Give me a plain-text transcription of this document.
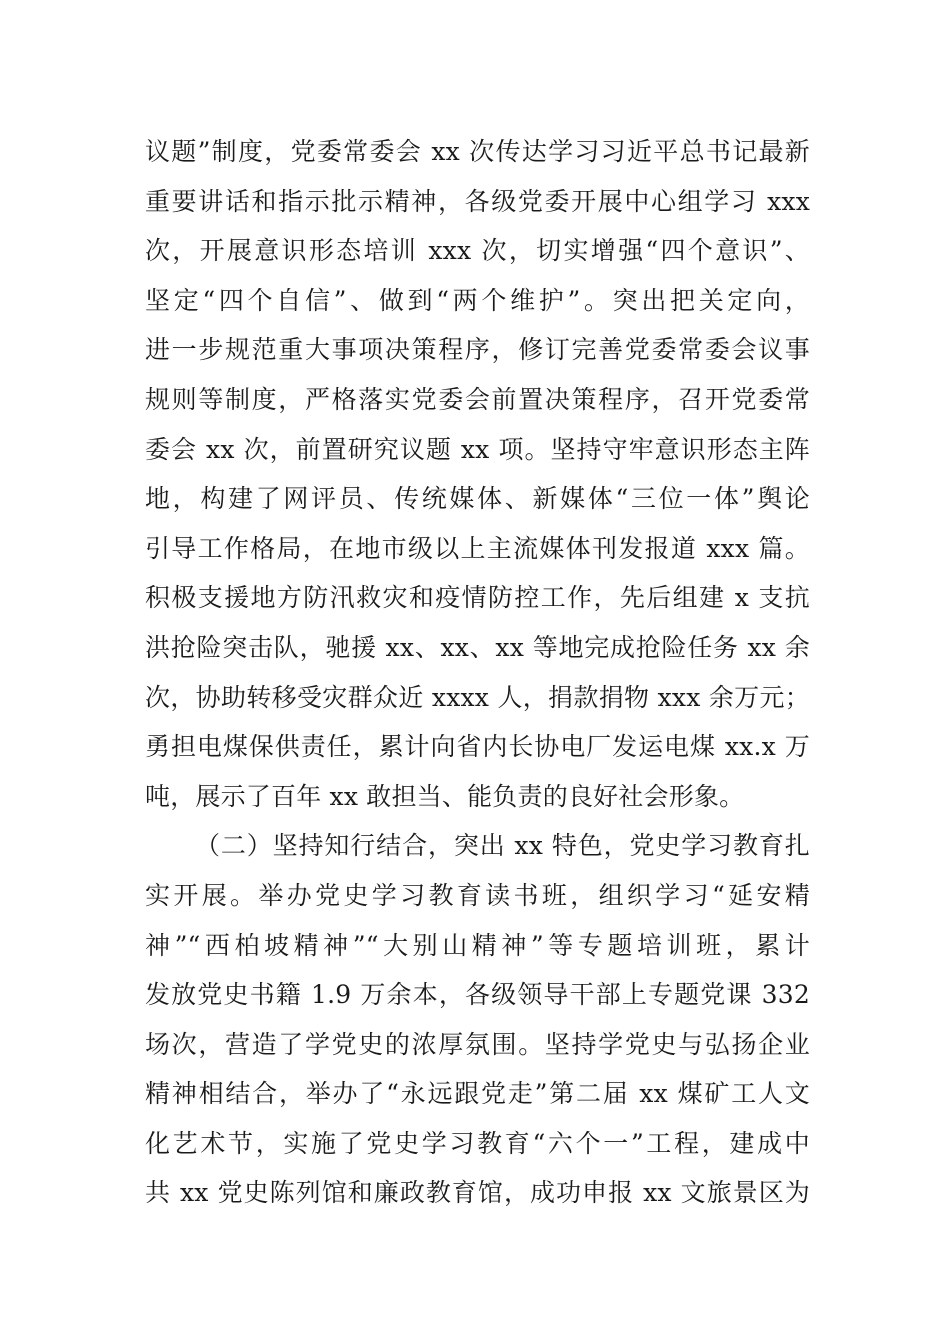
议题”制度，党委常委会 xx 次传达学习习近平总书记最新
重要讲话和指示批示精神，各级党委开展中心组学习 xxx
次，开展意识形态培训 xxx 次，切实增强“四个意识”、
坚定“四个自信”、做到“两个维护”。突出把关定向，
进一步规范重大事项决策程序，修订完善党委常委会议事
规则等制度，严格落实党委会前置决策程序，召开党委常
委会 xx 次，前置研究议题 xx 项。坚持守牢意识形态主阵
地，构建了网评员、传统媒体、新媒体“三位一体”舆论
引导工作格局，在地市级以上主流媒体刊发报道 xxx 篇。
积极支援地方防汛救灾和疫情防控工作，先后组建 x 支抗
洪抢险突击队，驰援 xx、xx、xx 等地完成抢险任务 xx 余
次，协助转移受灾群众近 xxxx 人，捐款捐物 xxx 余万元；
勇担电煤保供责任，累计向省内长协电厂发运电煤 xx.x 万
吨，展示了百年 xx 敢担当、能负责的良好社会形象。
（二）坚持知行结合，突出 xx 特色，党史学习教育扎
实开展。举办党史学习教育读书班，组织学习“延安精
神”“西柏坡精神”“大别山精神”等专题培训班，累计
发放党史书籍 1.9 万余本，各级领导干部上专题党课 332
场次，营造了学党史的浓厚氛围。坚持学党史与弘扬企业
精神相结合，举办了“永远跟党走”第二届 xx 煤矿工人文
化艺术节，实施了党史学习教育“六个一”工程，建成中
共 xx 党史陈列馆和廉政教育馆，成功申报 xx 文旅景区为
